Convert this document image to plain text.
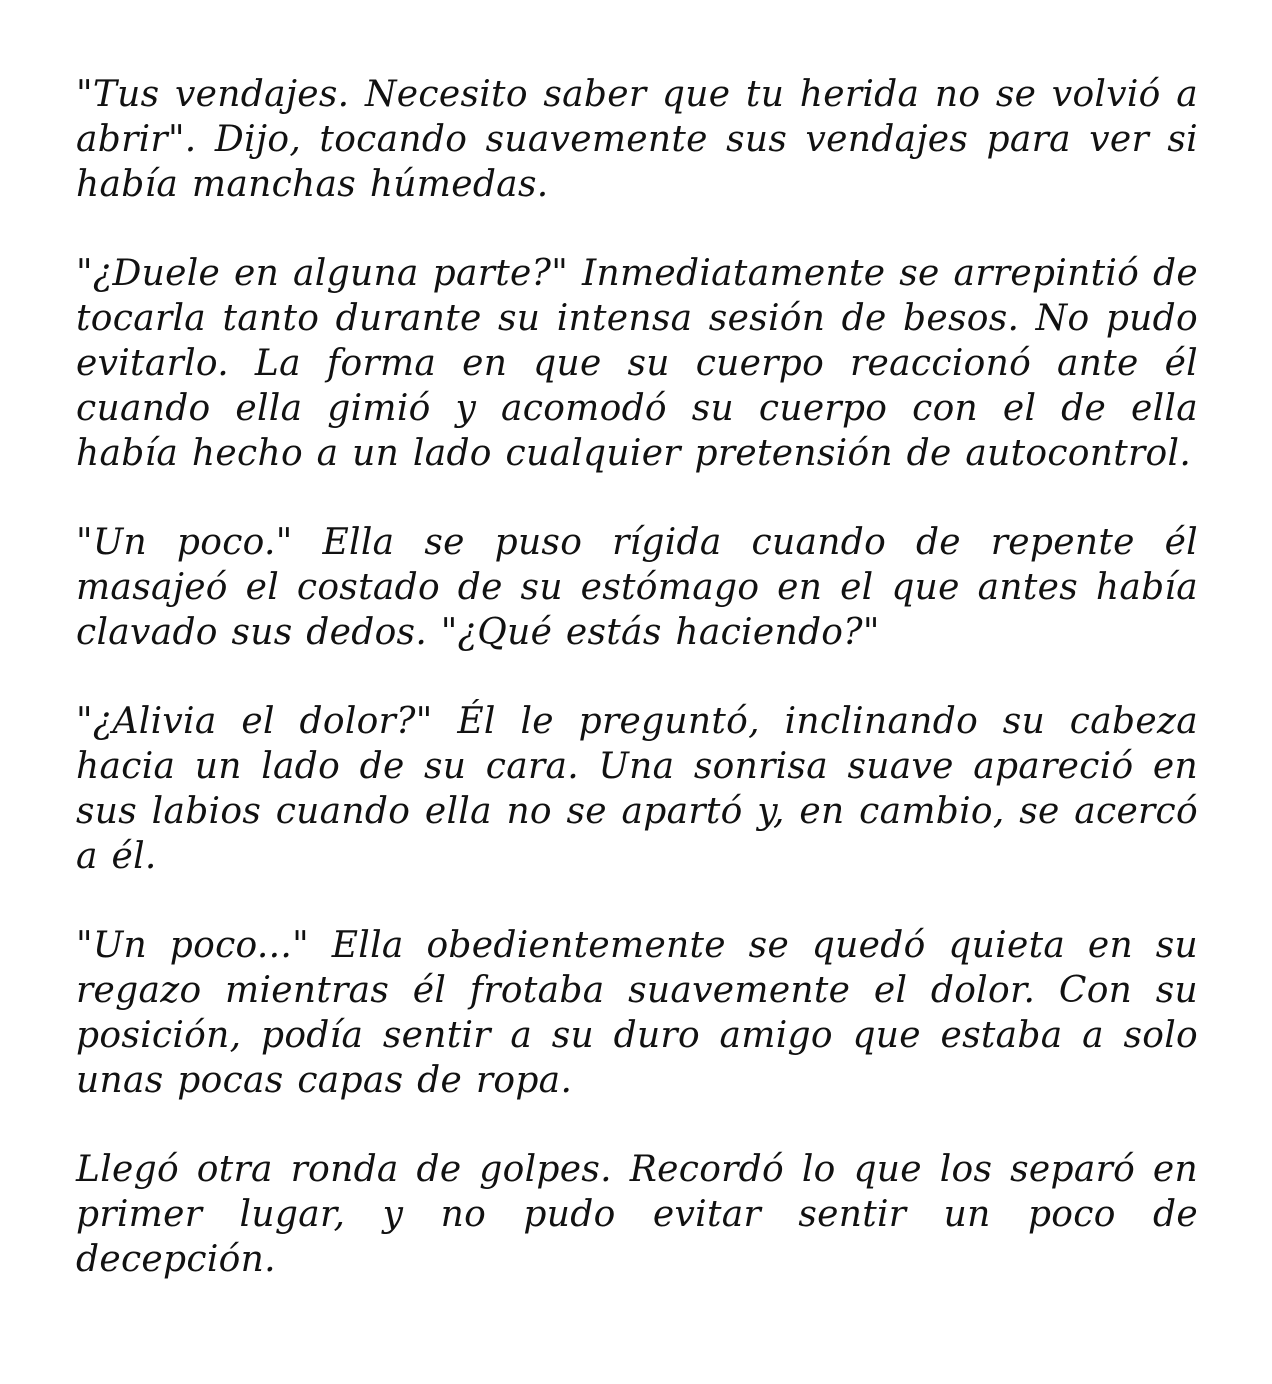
"Tus vendajes. Necesito saber que tu herida no se volvió a abrir". Dijo, tocando suavemente sus vendajes para ver si había manchas húmedas.

"¿Duele en alguna parte?" Inmediatamente se arrepintió de tocarla tanto durante su intensa sesión de besos. No pudo evitarlo. La forma en que su cuerpo reaccionó ante él cuando ella gimió y acomodó su cuerpo con el de ella había hecho a un lado cualquier pretensión de autocontrol.

"Un poco." Ella se puso rígida cuando de repente él masajeó el costado de su estómago en el que antes había clavado sus dedos. "¿Qué estás haciendo?"

"¿Alivia el dolor?" Él le preguntó, inclinando su cabeza hacia un lado de su cara. Una sonrisa suave apareció en sus labios cuando ella no se apartó y, en cambio, se acercó a él.

"Un poco..." Ella obedientemente se quedó quieta en su regazo mientras él frotaba suavemente el dolor. Con su posición, podía sentir a su duro amigo que estaba a solo unas pocas capas de ropa.

Llegó otra ronda de golpes. Recordó lo que los separó en primer lugar, y no pudo evitar sentir un poco de decepción.
